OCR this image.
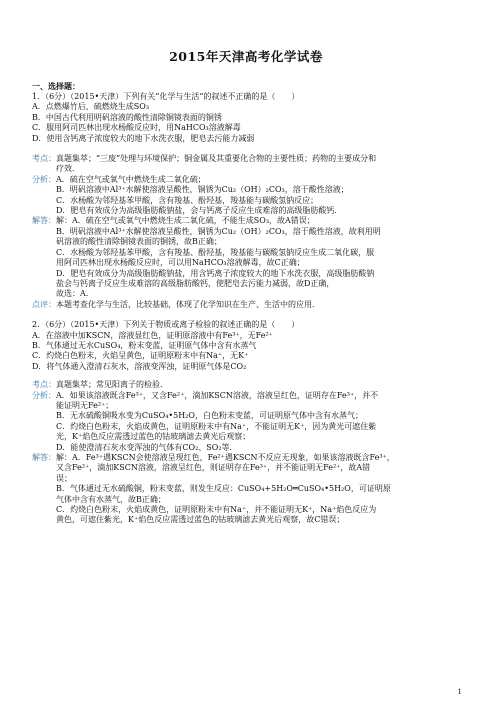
2015年天津高考化学试卷
一、选择题：
1．（6分）（2015•天津）下列有关“化学与生活”的叙述不正确的是（　　）
A．点燃爆竹后，硫燃烧生成SO₃
B．中国古代利用明矾溶液的酸性清除铜镜表面的铜锈
C．服用阿司匹林出现水杨酸反应时，用NaHCO₃溶液解毒
D．使用含钙离子浓度较大的地下水洗衣服，肥皂去污能力减弱
考点： 真题集萃；“三废”处理与环境保护；铜金属及其重要化合物的主要性质；药物的主要成分和
疗效．
分析： A．硫在空气或氧气中燃烧生成二氧化硫；
B．明矾溶液中Al³⁺水解使溶液呈酸性，铜锈为Cu₂（OH）₂CO₃，溶于酸性溶液；
C．水杨酸为邻羟基苯甲酸，含有羧基、酚羟基，羧基能与碳酸氢钠反应；
D．肥皂有效成分为高级脂肪酸钠盐，会与钙离子反应生成难溶的高级脂肪酸钙．
解答： 解：A．硫在空气或氧气中燃烧生成二氧化硫，不能生成SO₃，故A错误；
B．明矾溶液中Al³⁺水解使溶液呈酸性，铜锈为Cu₂（OH）₂CO₃，溶于酸性溶液，故利用明
矾溶液的酸性清除铜镜表面的铜锈，故B正确；
C．水杨酸为邻羟基苯甲酸，含有羧基、酚羟基，羧基能与碳酸氢钠反应生成二氧化碳，服
用阿司匹林出现水杨酸反应时，可以用NaHCO₃溶液解毒，故C正确；
D．肥皂有效成分为高级脂肪酸钠盐，用含钙离子浓度较大的地下水洗衣服，高级脂肪酸钠
盐会与钙离子反应生成难溶的高级脂肪酸钙，使肥皂去污能力减弱，故D正确，
故选：A．
点评： 本题考查化学与生活，比较基础，体现了化学知识在生产、生活中的应用．
2．（6分）（2015•天津）下列关于物质或离子检验的叙述正确的是（　　）
A．在溶液中加KSCN，溶液显红色，证明原溶液中有Fe³⁺，无Fe²⁺
B．气体通过无水CuSO₄，粉末变蓝，证明原气体中含有水蒸气
C．灼烧白色粉末，火焰呈黄色，证明原粉末中有Na⁺，无K⁺
D．将气体通入澄清石灰水，溶液变浑浊，证明原气体是CO₂
考点： 真题集萃；常见阳离子的检验．
分析： A．如果该溶液既含Fe³⁺，又含Fe²⁺，滴加KSCN溶液，溶液呈红色，证明存在Fe³⁺，并不
能证明无Fe²⁺；
B．无水硫酸铜吸水变为CuSO₄•5H₂O，白色粉末变蓝，可证明原气体中含有水蒸气；
C．灼烧白色粉末，火焰成黄色，证明原粉末中有Na⁺，不能证明无K⁺，因为黄光可遮住紫
光，K⁺焰色反应需透过蓝色的钴玻璃滤去黄光后观察；
D．能使澄清石灰水变浑浊的气体有CO₂、SO₂等．
解答： 解：A．Fe³⁺遇KSCN会使溶液呈现红色，Fe²⁺遇KSCN不反应无现象，如果该溶液既含Fe³⁺，
又含Fe²⁺，滴加KSCN溶液，溶液呈红色，则证明存在Fe³⁺，并不能证明无Fe²⁺，故A错
误；
B．气体通过无水硫酸铜，粉末变蓝，则发生反应：CuSO₄+5H₂O═CuSO₄•5H₂O，可证明原
气体中含有水蒸气，故B正确；
C．灼烧白色粉末，火焰成黄色，证明原粉末中有Na⁺，并不能证明无K⁺，Na⁺焰色反应为
黄色，可遮住紫光，K⁺焰色反应需透过蓝色的钴玻璃滤去黄光后观察，故C错误；
1
